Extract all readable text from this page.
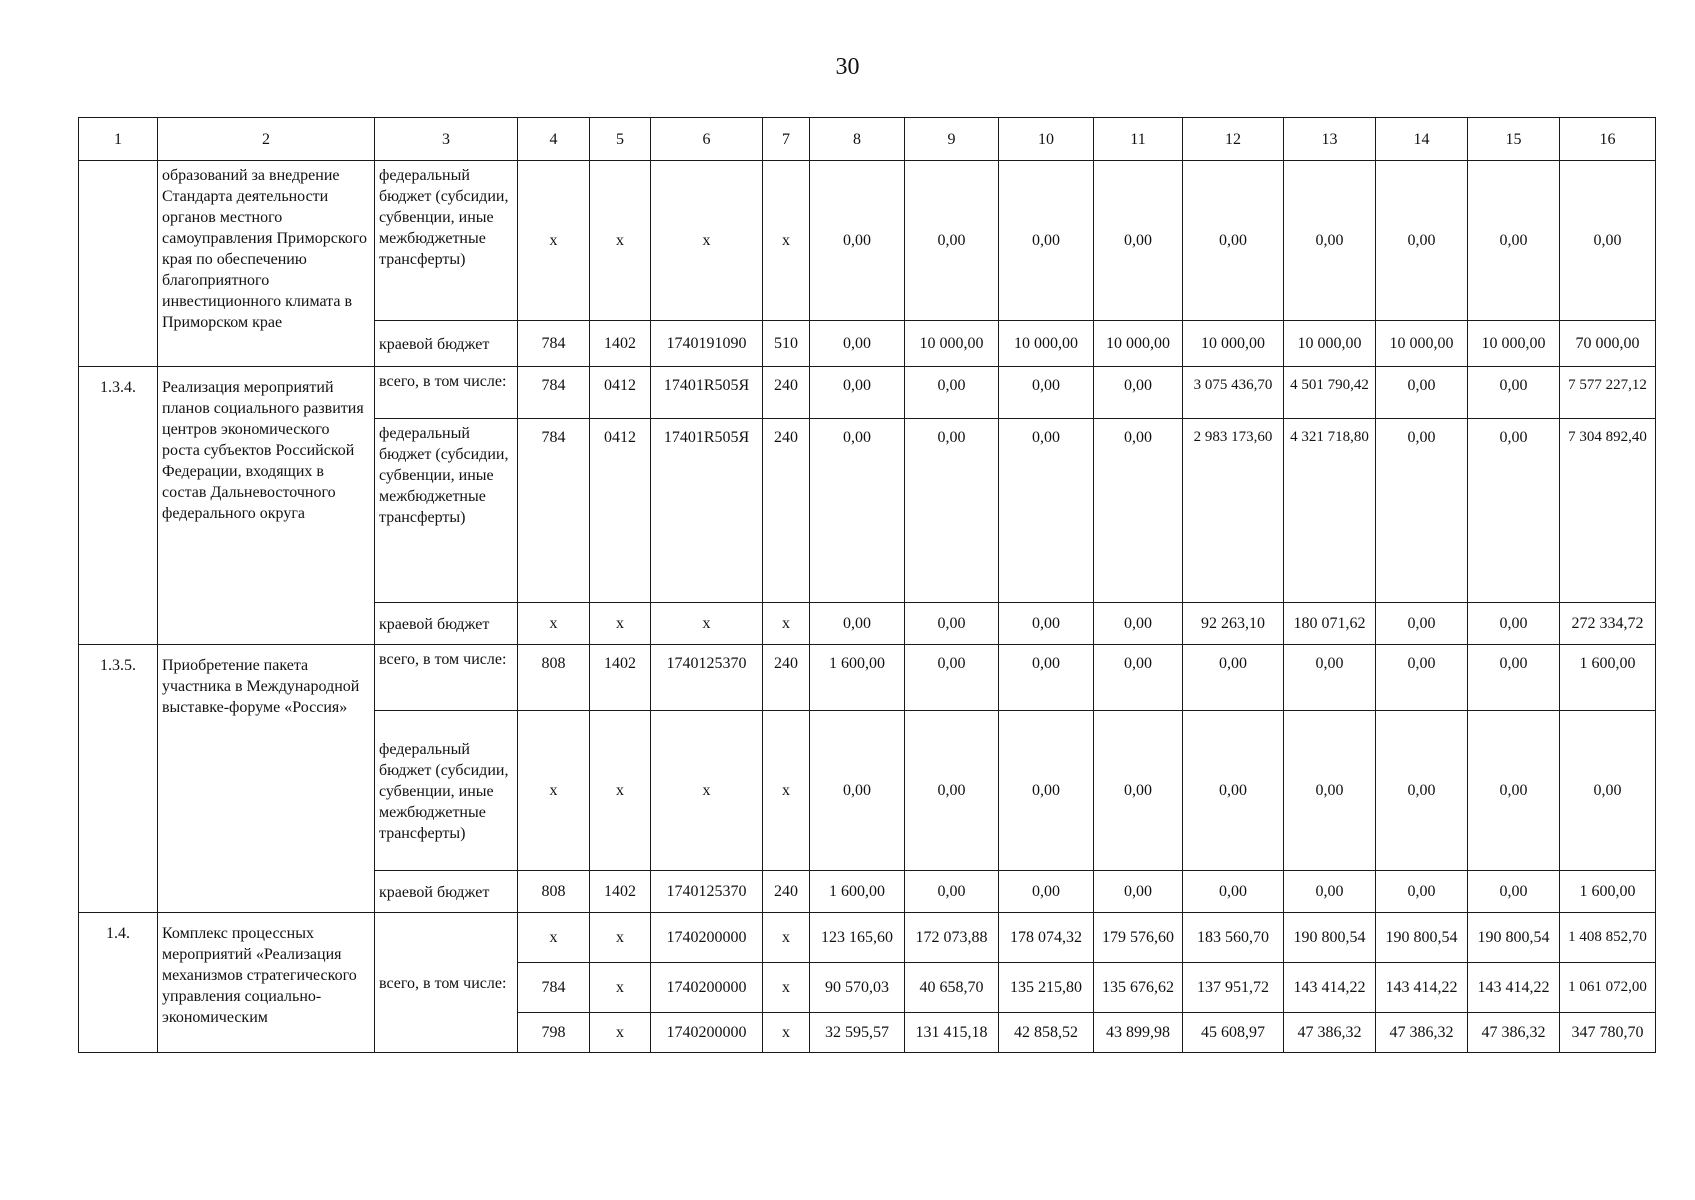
30
1	2	3	4	5	6	7	8	9	10	11	12	13	14	15	16
	образований за внедрение Стандарта деятельности органов местного самоуправления Приморского края по обеспечению благоприятного инвестиционного климата в Приморском крае	федеральный бюджет (субсидии, субвенции, иные межбюджетные трансферты)	x	x	x	x	0,00	0,00	0,00	0,00	0,00	0,00	0,00	0,00	0,00
		краевой бюджет	784	1402	1740191090	510	0,00	10 000,00	10 000,00	10 000,00	10 000,00	10 000,00	10 000,00	10 000,00	70 000,00
1.3.4.	Реализация мероприятий планов социального развития центров экономического роста субъектов Российской Федерации, входящих в состав Дальневосточного федерального округа	всего, в том числе:	784	0412	17401R505Я	240	0,00	0,00	0,00	0,00	3 075 436,70	4 501 790,42	0,00	0,00	7 577 227,12
		федеральный бюджет (субсидии, субвенции, иные межбюджетные трансферты)	784	0412	17401R505Я	240	0,00	0,00	0,00	0,00	2 983 173,60	4 321 718,80	0,00	0,00	7 304 892,40
		краевой бюджет	x	x	x	x	0,00	0,00	0,00	0,00	92 263,10	180 071,62	0,00	0,00	272 334,72
1.3.5.	Приобретение пакета участника в Международной выставке-форуме «Россия»	всего, в том числе:	808	1402	1740125370	240	1 600,00	0,00	0,00	0,00	0,00	0,00	0,00	0,00	1 600,00
		федеральный бюджет (субсидии, субвенции, иные межбюджетные трансферты)	x	x	x	x	0,00	0,00	0,00	0,00	0,00	0,00	0,00	0,00	0,00
		краевой бюджет	808	1402	1740125370	240	1 600,00	0,00	0,00	0,00	0,00	0,00	0,00	0,00	1 600,00
1.4.	Комплекс процессных мероприятий «Реализация механизмов стратегического управления социально-экономическим	всего, в том числе:	x	x	1740200000	x	123 165,60	172 073,88	178 074,32	179 576,60	183 560,70	190 800,54	190 800,54	190 800,54	1 408 852,70
			784	x	1740200000	x	90 570,03	40 658,70	135 215,80	135 676,62	137 951,72	143 414,22	143 414,22	143 414,22	1 061 072,00
			798	x	1740200000	x	32 595,57	131 415,18	42 858,52	43 899,98	45 608,97	47 386,32	47 386,32	47 386,32	347 780,70
